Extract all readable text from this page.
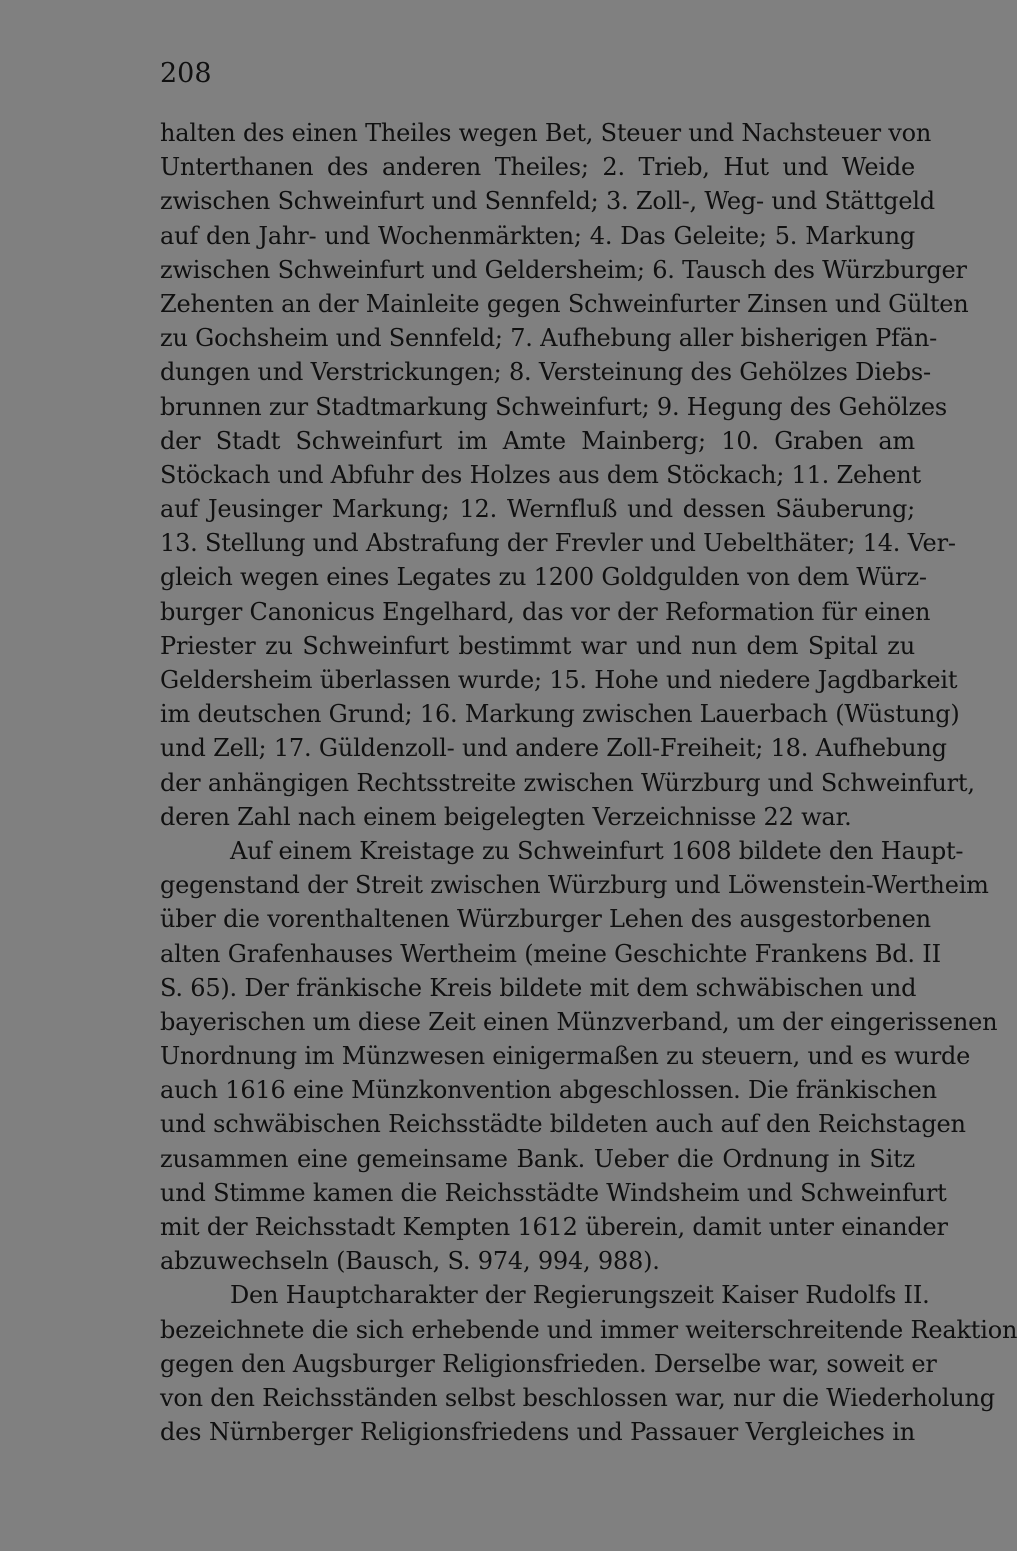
208
halten des einen Theiles wegen Bet, Steuer und Nachsteuer von
Unterthanen des anderen Theiles; 2. Trieb, Hut und Weide
zwischen Schweinfurt und Sennfeld; 3. Zoll-, Weg- und Stättgeld
auf den Jahr- und Wochenmärkten; 4. Das Geleite; 5. Markung
zwischen Schweinfurt und Geldersheim; 6. Tausch des Würzburger
Zehenten an der Mainleite gegen Schweinfurter Zinsen und Gülten
zu Gochsheim und Sennfeld; 7. Aufhebung aller bisherigen Pfän-
dungen und Verstrickungen; 8. Versteinung des Gehölzes Diebs-
brunnen zur Stadtmarkung Schweinfurt; 9. Hegung des Gehölzes
der Stadt Schweinfurt im Amte Mainberg; 10. Graben am
Stöckach und Abfuhr des Holzes aus dem Stöckach; 11. Zehent
auf Jeusinger Markung; 12. Wernfluß und dessen Säuberung;
13. Stellung und Abstrafung der Frevler und Uebelthäter; 14. Ver-
gleich wegen eines Legates zu 1200 Goldgulden von dem Würz-
burger Canonicus Engelhard, das vor der Reformation für einen
Priester zu Schweinfurt bestimmt war und nun dem Spital zu
Geldersheim überlassen wurde; 15. Hohe und niedere Jagdbarkeit
im deutschen Grund; 16. Markung zwischen Lauerbach (Wüstung)
und Zell; 17. Güldenzoll- und andere Zoll-Freiheit; 18. Aufhebung
der anhängigen Rechtsstreite zwischen Würzburg und Schweinfurt,
deren Zahl nach einem beigelegten Verzeichnisse 22 war.
Auf einem Kreistage zu Schweinfurt 1608 bildete den Haupt-
gegenstand der Streit zwischen Würzburg und Löwenstein-Wertheim
über die vorenthaltenen Würzburger Lehen des ausgestorbenen
alten Grafenhauses Wertheim (meine Geschichte Frankens Bd. II
S. 65). Der fränkische Kreis bildete mit dem schwäbischen und
bayerischen um diese Zeit einen Münzverband, um der eingerissenen
Unordnung im Münzwesen einigermaßen zu steuern, und es wurde
auch 1616 eine Münzkonvention abgeschlossen. Die fränkischen
und schwäbischen Reichsstädte bildeten auch auf den Reichstagen
zusammen eine gemeinsame Bank. Ueber die Ordnung in Sitz
und Stimme kamen die Reichsstädte Windsheim und Schweinfurt
mit der Reichsstadt Kempten 1612 überein, damit unter einander
abzuwechseln (Bausch, S. 974, 994, 988).
Den Hauptcharakter der Regierungszeit Kaiser Rudolfs II.
bezeichnete die sich erhebende und immer weiterschreitende Reaktion
gegen den Augsburger Religionsfrieden. Derselbe war, soweit er
von den Reichsständen selbst beschlossen war, nur die Wiederholung
des Nürnberger Religionsfriedens und Passauer Vergleiches in
